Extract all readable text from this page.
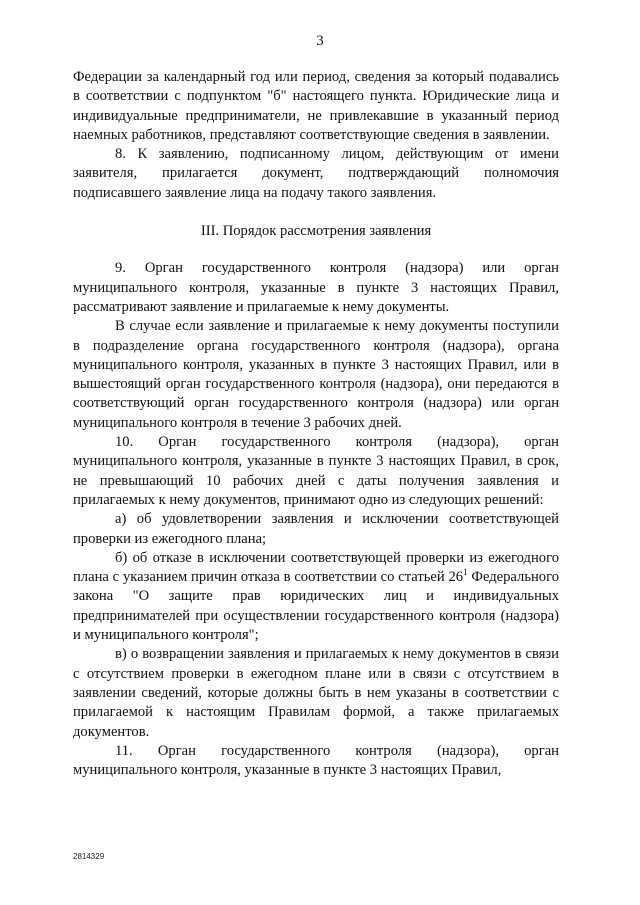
3

Федерации за календарный год или период, сведения за который подавались в соответствии с подпунктом "б" настоящего пункта. Юридические лица и индивидуальные предприниматели, не привлекавшие в указанный период наемных работников, представляют соответствующие сведения в заявлении.

8. К заявлению, подписанному лицом, действующим от имени заявителя, прилагается документ, подтверждающий полномочия подписавшего заявление лица на подачу такого заявления.

III. Порядок рассмотрения заявления

9. Орган государственного контроля (надзора) или орган муниципального контроля, указанные в пункте 3 настоящих Правил, рассматривают заявление и прилагаемые к нему документы.

В случае если заявление и прилагаемые к нему документы поступили в подразделение органа государственного контроля (надзора), органа муниципального контроля, указанных в пункте 3 настоящих Правил, или в вышестоящий орган государственного контроля (надзора), они передаются в соответствующий орган государственного контроля (надзора) или орган муниципального контроля в течение 3 рабочих дней.

10. Орган государственного контроля (надзора), орган муниципального контроля, указанные в пункте 3 настоящих Правил, в срок, не превышающий 10 рабочих дней с даты получения заявления и прилагаемых к нему документов, принимают одно из следующих решений:

а) об удовлетворении заявления и исключении соответствующей проверки из ежегодного плана;

б) об отказе в исключении соответствующей проверки из ежегодного плана с указанием причин отказа в соответствии со статьей $26^1$ Федерального закона "О защите прав юридических лиц и индивидуальных предпринимателей при осуществлении государственного контроля (надзора) и муниципального контроля";

в) о возвращении заявления и прилагаемых к нему документов в связи с отсутствием проверки в ежегодном плане или в связи с отсутствием в заявлении сведений, которые должны быть в нем указаны в соответствии с прилагаемой к настоящим Правилам формой, а также прилагаемых документов.

11. Орган государственного контроля (надзора), орган муниципального контроля, указанные в пункте 3 настоящих Правил,

2814329
